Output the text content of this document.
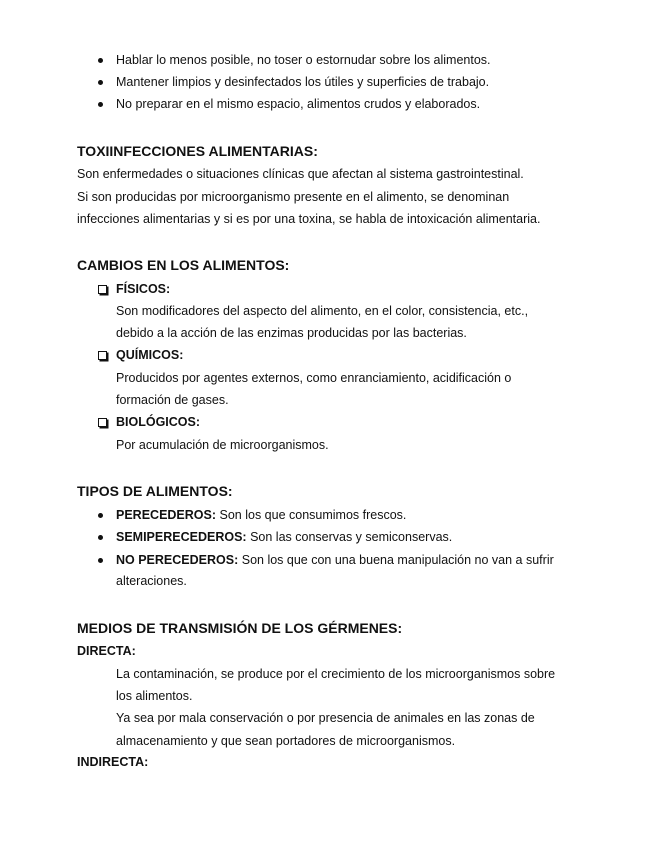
Hablar lo menos posible, no toser o estornudar sobre los alimentos.
Mantener limpios y desinfectados los útiles y superficies de trabajo.
No preparar en el mismo espacio, alimentos crudos y elaborados.
TOXIINFECCIONES ALIMENTARIAS:
Son enfermedades o situaciones clínicas que afectan al sistema gastrointestinal.
Si son producidas por microorganismo presente en el alimento, se denominan
infecciones alimentarias y si es por una toxina, se habla de intoxicación alimentaria.
CAMBIOS EN LOS ALIMENTOS:
FÍSICOS:
Son modificadores del aspecto del alimento, en el color, consistencia, etc.,
debido a la acción de las enzimas producidas por las bacterias.
QUÍMICOS:
Producidos por agentes externos, como enranciamiento, acidificación o
formación de gases.
BIOLÓGICOS:
Por acumulación de microorganismos.
TIPOS DE ALIMENTOS:
PERECEDEROS: Son los que consumimos frescos.
SEMIPERECEDEROS: Son las conservas y semiconservas.
NO PERECEDEROS: Son los que con una buena manipulación no van a sufrir
alteraciones.
MEDIOS DE TRANSMISIÓN DE LOS GÉRMENES:
DIRECTA:
La contaminación, se produce por el crecimiento de los microorganismos sobre
los alimentos.
Ya sea por mala conservación o por presencia de animales en las zonas de
almacenamiento y que sean portadores de microorganismos.
INDIRECTA:
